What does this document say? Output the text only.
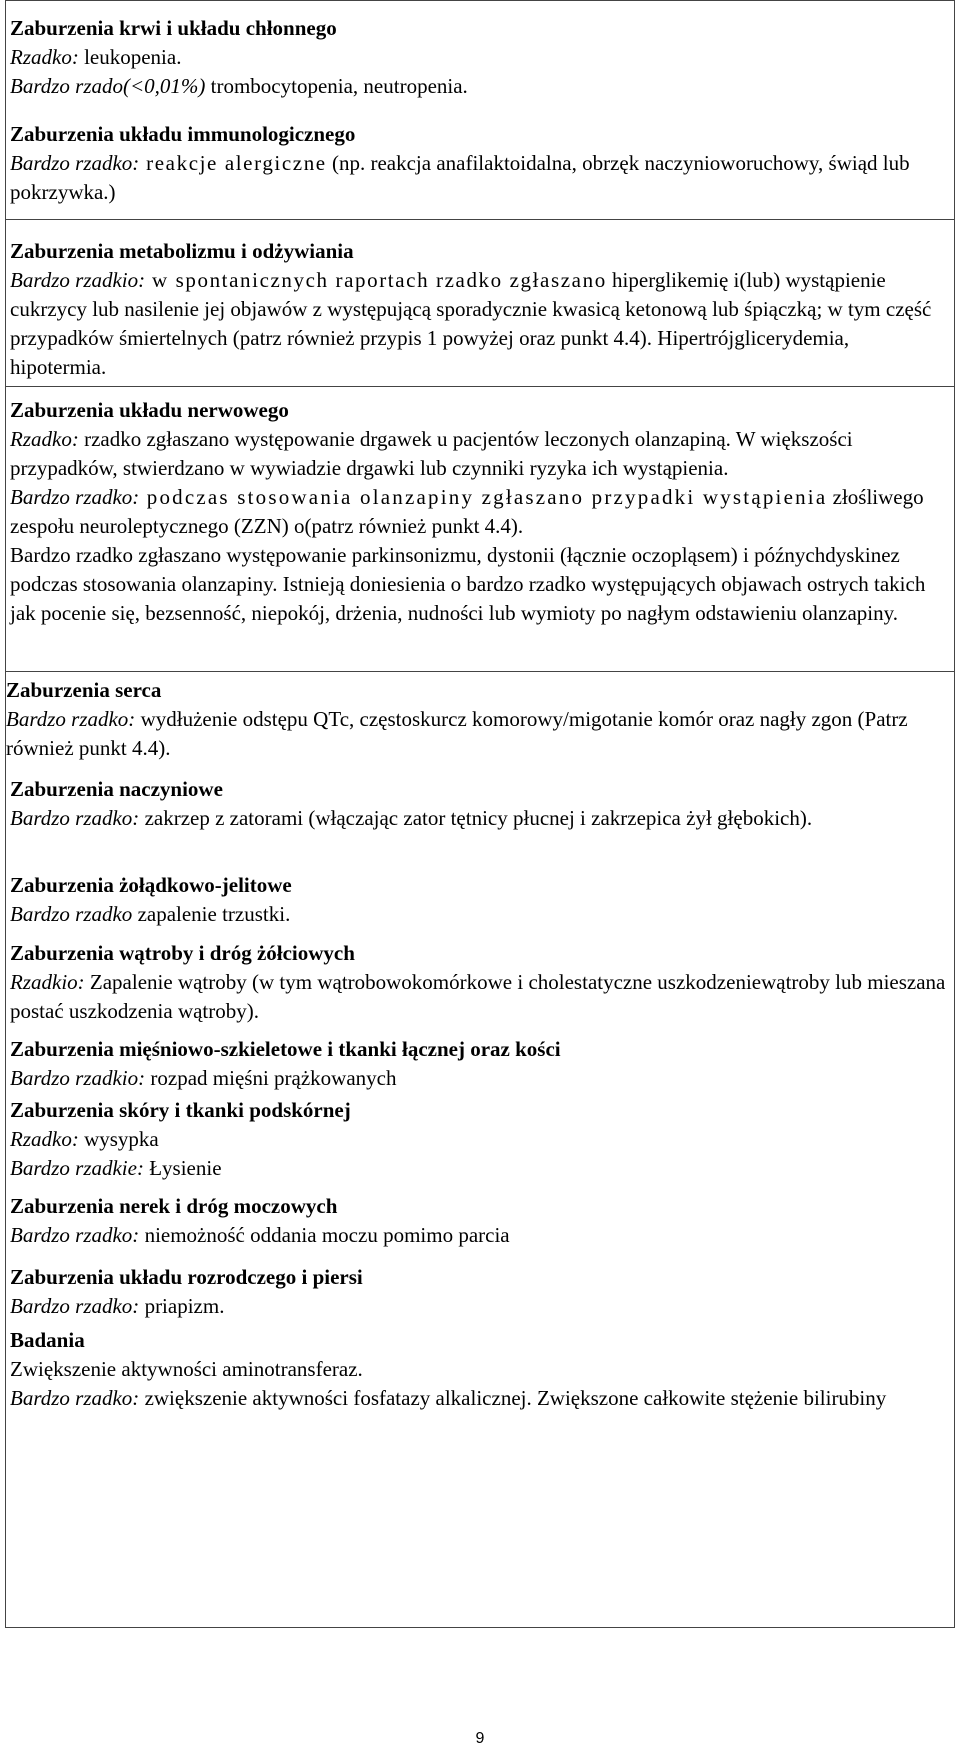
Zaburzenia krwi i układu chłonnego

Rzadko: leukopenia.

Bardzo rzado(<0,01%) trombocytopenia, neutropenia.

Zaburzenia układu immunologicznego

Bardzo rzadko: reakcje alergiczne (np. reakcja anafilaktoidalna, obrzęk naczynioworuchowy, świąd lub pokrzywka.)

Zaburzenia metabolizmu i odżywiania

Bardzo rzadkio: w spontanicznych raportach rzadko zgłaszano hiperglikemię i(lub) wystąpienie cukrzycy lub nasilenie jej objawów z występującą sporadycznie kwasicą ketonową lub śpiączką; w tym część przypadków śmiertelnych (patrz również przypis 1 powyżej oraz punkt 4.4). Hipertrójglicerydemia, hipotermia.

Zaburzenia układu nerwowego

Rzadko: rzadko zgłaszano występowanie drgawek u pacjentów leczonych olanzapiną. W większości przypadków, stwierdzano w wywiadzie drgawki lub czynniki ryzyka ich wystąpienia.

Bardzo rzadko: podczas stosowania olanzapiny zgłaszano przypadki wystąpienia złośliwego zespołu neuroleptycznego (ZZN) o(patrz również punkt 4.4).

Bardzo rzadko zgłaszano występowanie parkinsonizmu, dystonii (łącznie oczopląsem) i późnychdyskinez podczas stosowania olanzapiny. Istnieją doniesienia o bardzo rzadko występujących objawach ostrych takich jak pocenie się, bezsenność, niepokój, drżenia, nudności lub wymioty po nagłym odstawieniu olanzapiny.

Zaburzenia serca

Bardzo rzadko: wydłużenie odstępu QTc, częstoskurcz komorowy/migotanie komór oraz nagły zgon (Patrz również punkt 4.4).

Zaburzenia naczyniowe

Bardzo rzadko: zakrzep z zatorami (włączając zator tętnicy płucnej i zakrzepica żył głębokich).

Zaburzenia żołądkowo-jelitowe

Bardzo rzadko zapalenie trzustki.

Zaburzenia wątroby i dróg żółciowych

Rzadkio: Zapalenie wątroby (w tym wątrobowokomórkowe i cholestatyczne uszkodzeniewątroby lub mieszana postać uszkodzenia wątroby).

Zaburzenia mięśniowo-szkieletowe i tkanki łącznej oraz kości

Bardzo rzadkio: rozpad mięśni prążkowanych

Zaburzenia skóry i tkanki podskórnej

Rzadko: wysypka

Bardzo rzadkie: Łysienie

Zaburzenia nerek i dróg moczowych

Bardzo rzadko: niemożność oddania moczu pomimo parcia

Zaburzenia układu rozrodczego i piersi

Bardzo rzadko: priapizm.

Badania

Zwiększenie aktywności aminotransferaz.

Bardzo rzadko: zwiększenie aktywności fosfatazy alkalicznej. Zwiększone całkowite stężenie bilirubiny

9
